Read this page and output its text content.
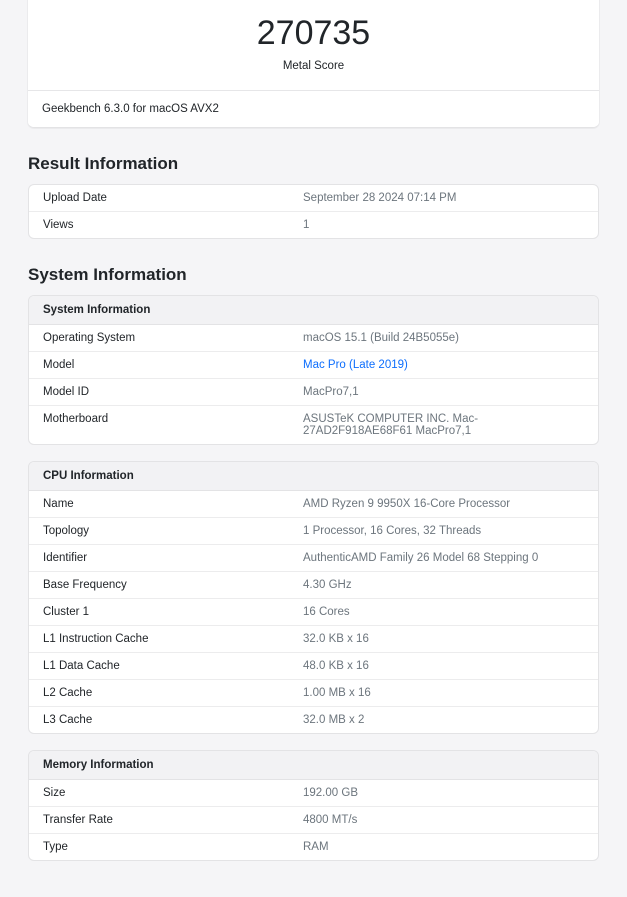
270735
Metal Score
Geekbench 6.3.0 for macOS AVX2
Result Information
Upload Date	September 28 2024 07:14 PM
Views	1
System Information
System Information
Operating System	macOS 15.1 (Build 24B5055e)
Model	Mac Pro (Late 2019)
Model ID	MacPro7,1
Motherboard	ASUSTeK COMPUTER INC. Mac-27AD2F918AE68F61 MacPro7,1
CPU Information
Name	AMD Ryzen 9 9950X 16-Core Processor
Topology	1 Processor, 16 Cores, 32 Threads
Identifier	AuthenticAMD Family 26 Model 68 Stepping 0
Base Frequency	4.30 GHz
Cluster 1	16 Cores
L1 Instruction Cache	32.0 KB x 16
L1 Data Cache	48.0 KB x 16
L2 Cache	1.00 MB x 16
L3 Cache	32.0 MB x 2
Memory Information
Size	192.00 GB
Transfer Rate	4800 MT/s
Type	RAM
